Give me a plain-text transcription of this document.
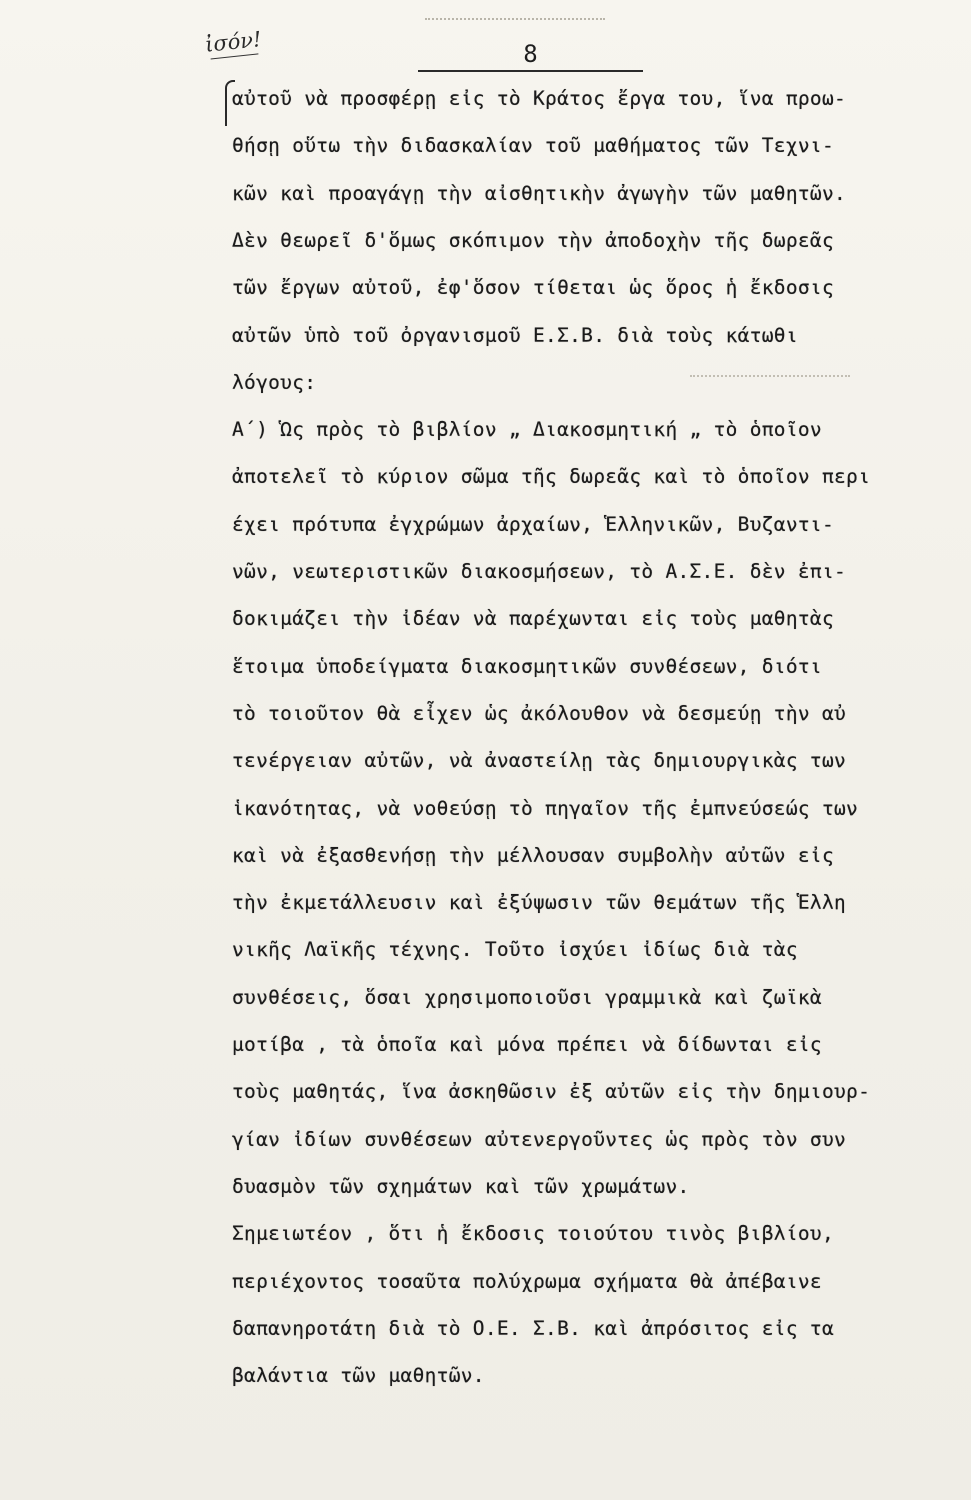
ἰσόν!	8
αὐτοῦ νὰ προσφέρῃ εἰς τὸ Κράτος ἔργα του, ἵνα προω-
θήσῃ οὕτω τὴν διδασκαλίαν τοῦ μαθήματος τῶν Τεχνι-
κῶν καὶ προαγάγῃ τὴν αἰσθητικὴν ἀγωγὴν τῶν μαθητῶν.
Δὲν θεωρεῖ δ'ὅμως σκόπιμον τὴν ἀποδοχὴν τῆς δωρεᾶς
τῶν ἔργων αὐτοῦ, ἐφ'ὅσον τίθεται ὡς ὅρος ἡ ἔκδοσις
αὐτῶν ὑπὸ τοῦ ὀργανισμοῦ Ε.Σ.Β. διὰ τοὺς κάτωθι
λόγους:
Α΄) Ὡς πρὸς τὸ βιβλίον „ Διακοσμητική „ τὸ ὁποῖον
ἀποτελεῖ τὸ κύριον σῶμα τῆς δωρεᾶς καὶ τὸ ὁποῖον περι
έχει πρότυπα ἐγχρώμων ἀρχαίων, Ἑλληνικῶν, Βυζαντι-
νῶν, νεωτεριστικῶν διακοσμήσεων, τὸ Α.Σ.Ε. δὲν ἐπι-
δοκιμάζει τὴν ἰδέαν νὰ παρέχωνται εἰς τοὺς μαθητὰς
ἕτοιμα ὑποδείγματα διακοσμητικῶν συνθέσεων, διότι
τὸ τοιοῦτον θὰ εἶχεν ὡς ἀκόλουθον νὰ δεσμεύῃ τὴν αὐ
τενέργειαν αὐτῶν, νὰ ἀναστείλῃ τὰς δημιουργικὰς των
ἱκανότητας, νὰ νοθεύσῃ τὸ πηγαῖον τῆς ἐμπνεύσεώς των
καὶ νὰ ἐξασθενήσῃ τὴν μέλλουσαν συμβολὴν αὐτῶν εἰς
τὴν ἐκμετάλλευσιν καὶ ἐξύψωσιν τῶν θεμάτων τῆς Ἑλλη
νικῆς Λαϊκῆς τέχνης. Τοῦτο ἰσχύει ἰδίως διὰ τὰς
συνθέσεις, ὅσαι χρησιμοποιοῦσι γραμμικὰ καὶ ζωϊκὰ
μοτίβα , τὰ ὁποῖα καὶ μόνα πρέπει νὰ δίδωνται εἰς
τοὺς μαθητάς, ἵνα ἀσκηθῶσιν ἐξ αὐτῶν εἰς τὴν δημιουρ-
γίαν ἰδίων συνθέσεων αὐτενεργοῦντες ὡς πρὸς τὸν συν
δυασμὸν τῶν σχημάτων καὶ τῶν χρωμάτων.
Σημειωτέον , ὅτι ἡ ἔκδοσις τοιούτου τινὸς βιβλίου,
περιέχοντος τοσαῦτα πολύχρωμα σχήματα θὰ ἀπέβαινε
δαπανηροτάτη διὰ τὸ Ο.Ε. Σ.Β. καὶ ἀπρόσιτος εἰς τα
βαλάντια τῶν μαθητῶν.
